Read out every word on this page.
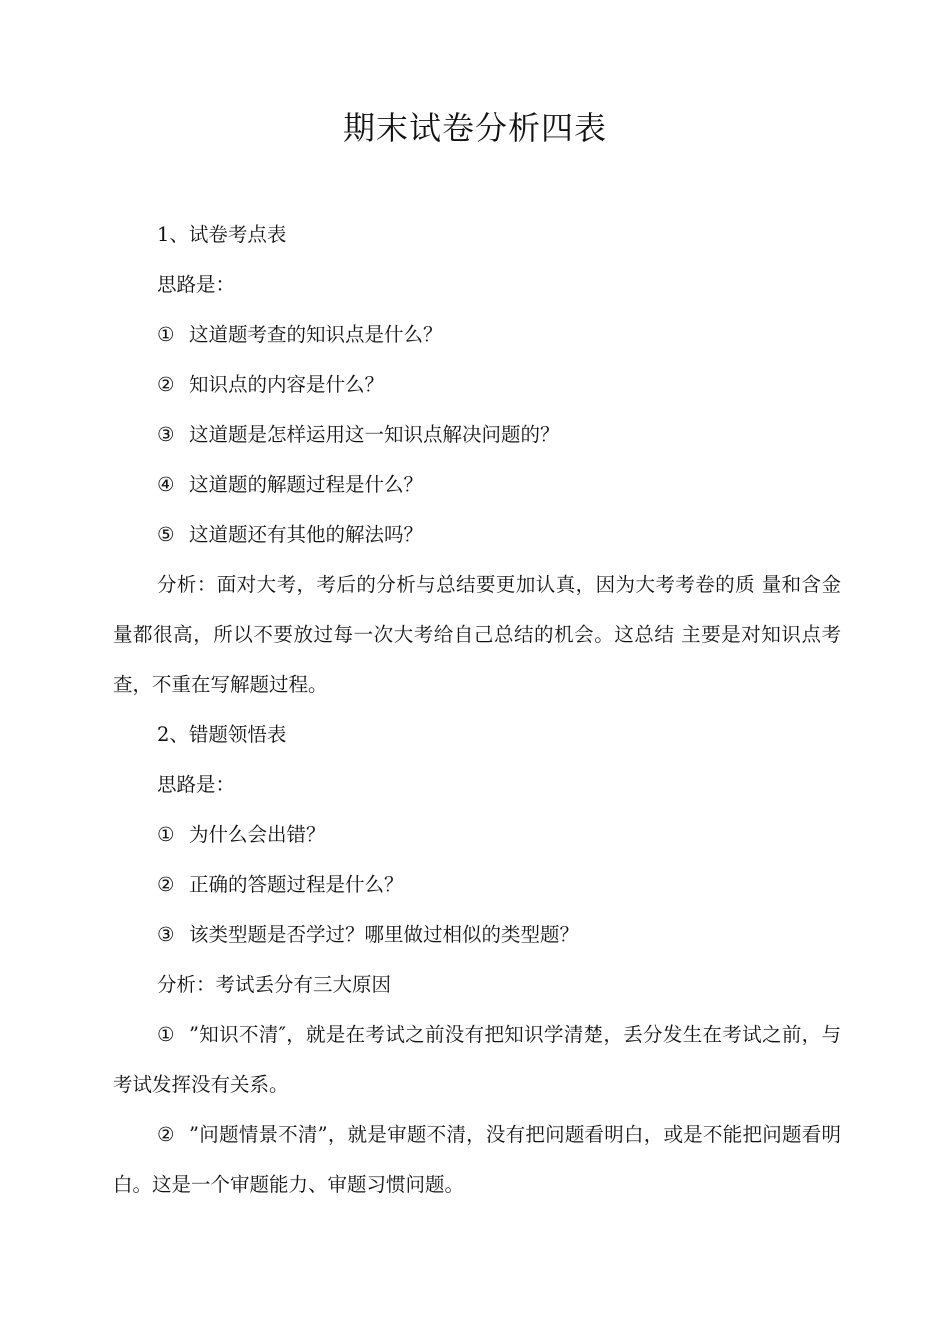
期末试卷分析四表

1、试卷考点表

思路是：

① 这道题考查的知识点是什么？

② 知识点的内容是什么？

③ 这道题是怎样运用这一知识点解决问题的？

④ 这道题的解题过程是什么？

⑤ 这道题还有其他的解法吗？

分析：面对大考，考后的分析与总结要更加认真，因为大考考卷的质 量和含金量都很高，所以不要放过每一次大考给自己总结的机会。这总结 主要是对知识点考查，不重在写解题过程。

2、错题领悟表

思路是：

① 为什么会出错？

② 正确的答题过程是什么？

③ 该类型题是否学过？哪里做过相似的类型题？

分析：考试丢分有三大原因

① ”知识不清″，就是在考试之前没有把知识学清楚，丢分发生在考试之前，与考试发挥没有关系。

② ”问题情景不清”，就是审题不清，没有把问题看明白，或是不能把问题看明白。这是一个审题能力、审题习惯问题。
